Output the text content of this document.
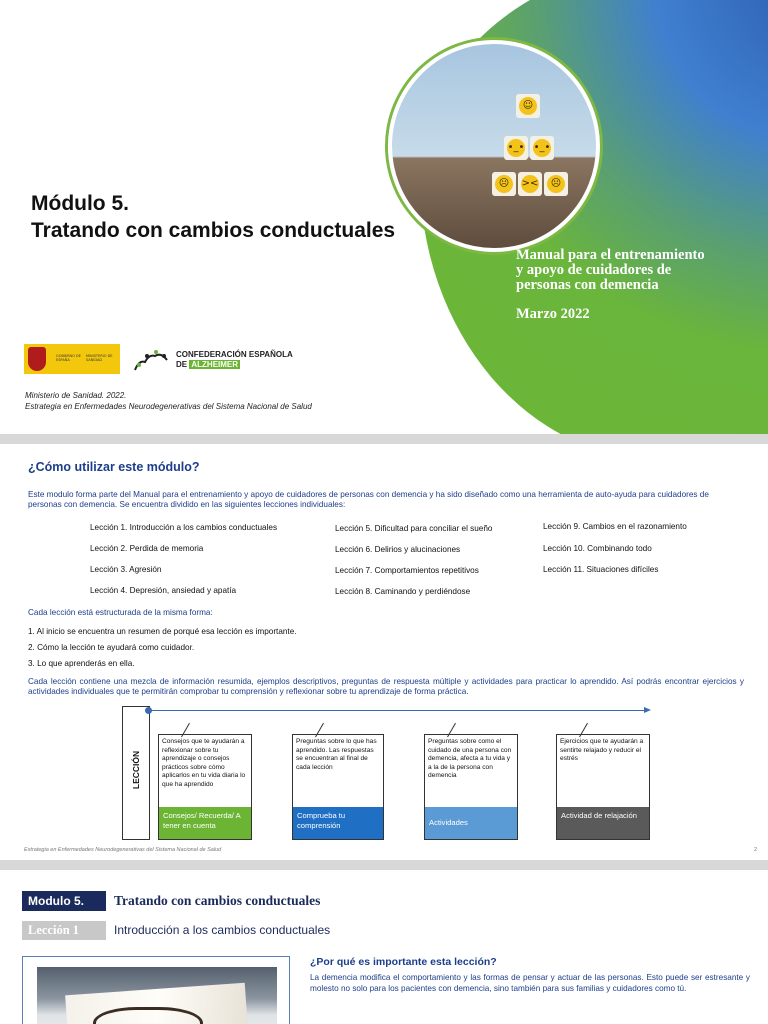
☺
•_• •_•
☹	><	☹
Módulo 5.
Tratando con cambios conductuales
Manual para el entrenamiento
y apoyo de cuidadores de
personas con demencia
Marzo 2022
GOBIERNO DE ESPAÑA
MINISTERIO DE SANIDAD
CONFEDERACIÓN ESPAÑOLA
DE ALZHEIMER
Ministerio de Sanidad. 2022.
Estrategia en Enfermedades Neurodegenerativas del Sistema Nacional de Salud
¿Cómo utilizar este módulo?
Este modulo forma parte del Manual para el entrenamiento y apoyo de cuidadores de personas con demencia y ha sido diseñado como una herramienta de auto-ayuda para cuidadores de personas con demencia. Se encuentra dividido en las siguientes lecciones individuales:
Lección 1. Introducción a los cambios conductuales
Lección 2. Perdida de memoria
Lección 3. Agresión
Lección 4. Depresión, ansiedad y apatía
Lección 5. Dificultad para conciliar el sueño
Lección 6. Delirios y alucinaciones
Lección 7. Comportamientos repetitivos
Lección 8. Caminando y perdiéndose
Lección 9. Cambios en el razonamiento
Lección 10. Combinando todo
Lección 11. Situaciones difíciles
Cada lección está estructurada de la misma forma:
1. Al inicio se encuentra un resumen de porqué esa lección es importante.
2. Cómo la lección te ayudará como cuidador.
3. Lo que aprenderás en ella.
Cada lección contiene una mezcla de información resumida, ejemplos descriptivos, preguntas de respuesta múltiple y actividades para practicar lo aprendido. Así podrás encontrar ejercicios y actividades individuales que te permitirán comprobar tu comprensión y reflexionar sobre tu aprendizaje de forma práctica.
LECCIÓN
Consejos que te ayudarán a reflexionar sobre tu aprendizaje o consejos prácticos sobre cómo aplicarlos en tu vida diaria lo que ha aprendido
Consejos/ Recuerda/ A tener en cuenta
Preguntas sobre lo que has aprendido. Las respuestas se encuentran al final de cada lección
Comprueba tu comprensión
Preguntas sobre como el cuidado de una persona con demencia, afecta a tu vida y a la de la persona con demencia
Actividades
Ejercicios que te ayudarán a sentirte relajado y reducir el estrés
Actividad de relajación
Estrategia en Enfermedades Neurodegenerativas del Sistema Nacional de Salud	2
Modulo 5.	Tratando con cambios conductuales
Lección 1	Introducción a los cambios conductuales
¿Por qué es importante esta lección?
La demencia modifica el comportamiento y las formas de pensar y actuar de las personas. Esto puede ser estresante y molesto no solo para los pacientes con demencia, sino también para sus familias y cuidadores como tú.
